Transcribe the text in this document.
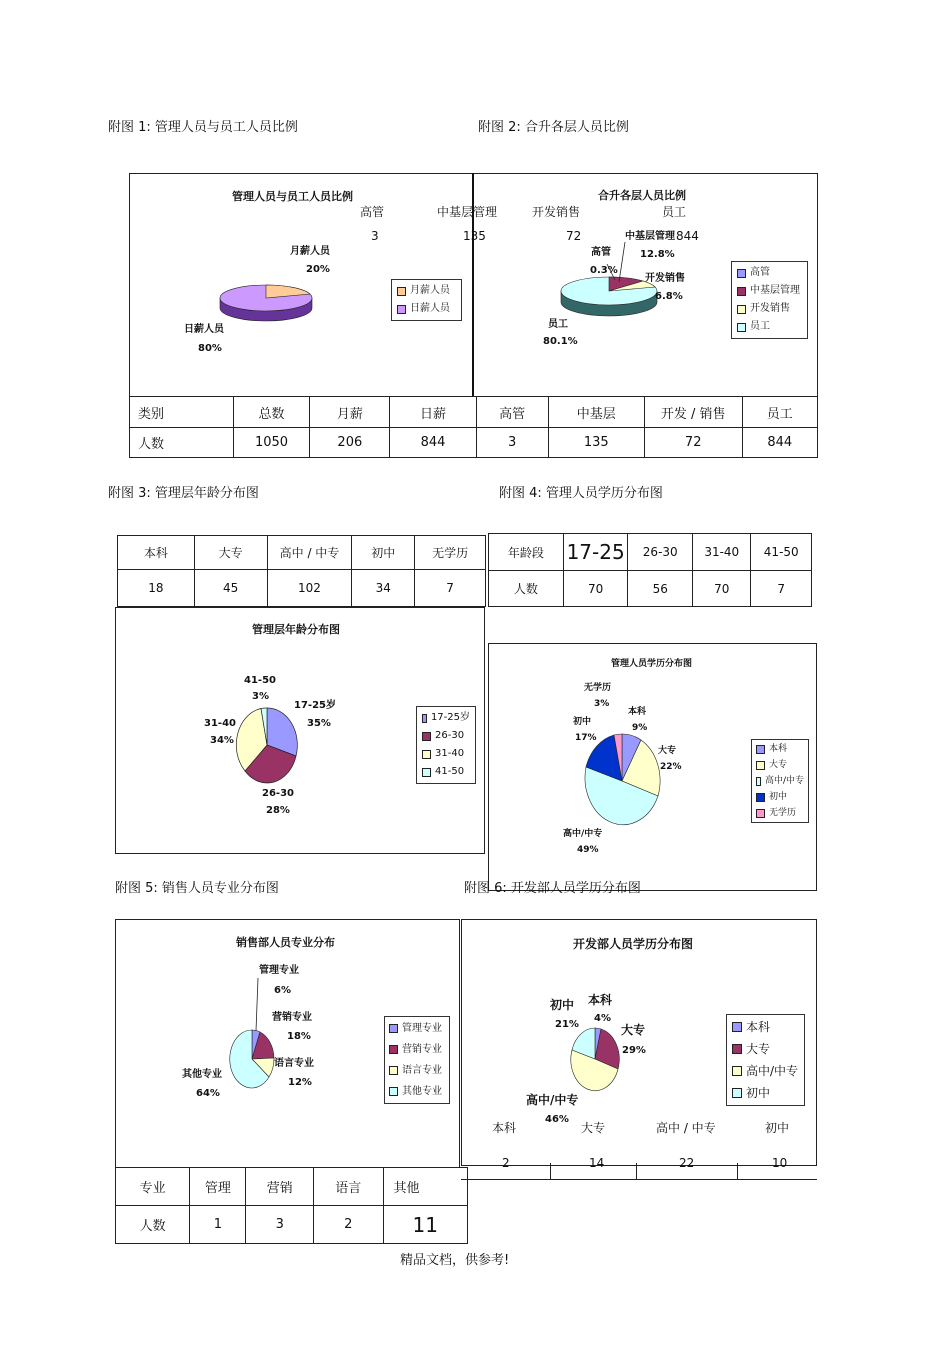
附图 1: 管理人员与员工人员比例	附图 2: 合升各层人员比例
管理人员与员工人员比例
月薪人员
20%
日薪人员
80%
月薪人员
日薪人员
合升各层人员比例
高管	中基层管理	开发销售	员工
3	135	72	844
高管
0.3%
中基层管理
12.8%
开发销售
6.8%
员工
80.1%
高管
中基层管理
开发销售
员工
类别	总数	月薪	日薪	高管	中基层	开发 / 销售	员工
人数	1050	206	844	3	135	72	844
附图 3: 管理层年龄分布图	附图 4: 管理人员学历分布图
本科	大专	高中 / 中专	初中	无学历
18	45	102	34	7
年龄段	17-25	26-30	31-40	41-50
人数	70	56	70	7
管理层年龄分布图
17-25岁
35%
26-30
28%
31-40
34%
41-50
3%
17-25岁
26-30
31-40
41-50
管理人员学历分布图
本科
9%
大专
22%
高中/中专
49%
初中
17%
无学历
3%
本科
大专
高中/中专
初中
无学历
附图 5: 销售人员专业分布图	附图 6: 开发部人员学历分布图
销售部人员专业分布
管理专业
6%
营销专业
18%
语言专业
12%
其他专业
64%
管理专业
营销专业
语言专业
其他专业
专业	管理	营销	语言	其他
人数	1	3	2	11
开发部人员学历分布图
本科
4%
大专
29%
高中/中专
46%
初中
21%	本科
大专
高中/中专
初中
本科	大专	高中 / 中专	初中
2	14	22	10
精品文档，供参考!
